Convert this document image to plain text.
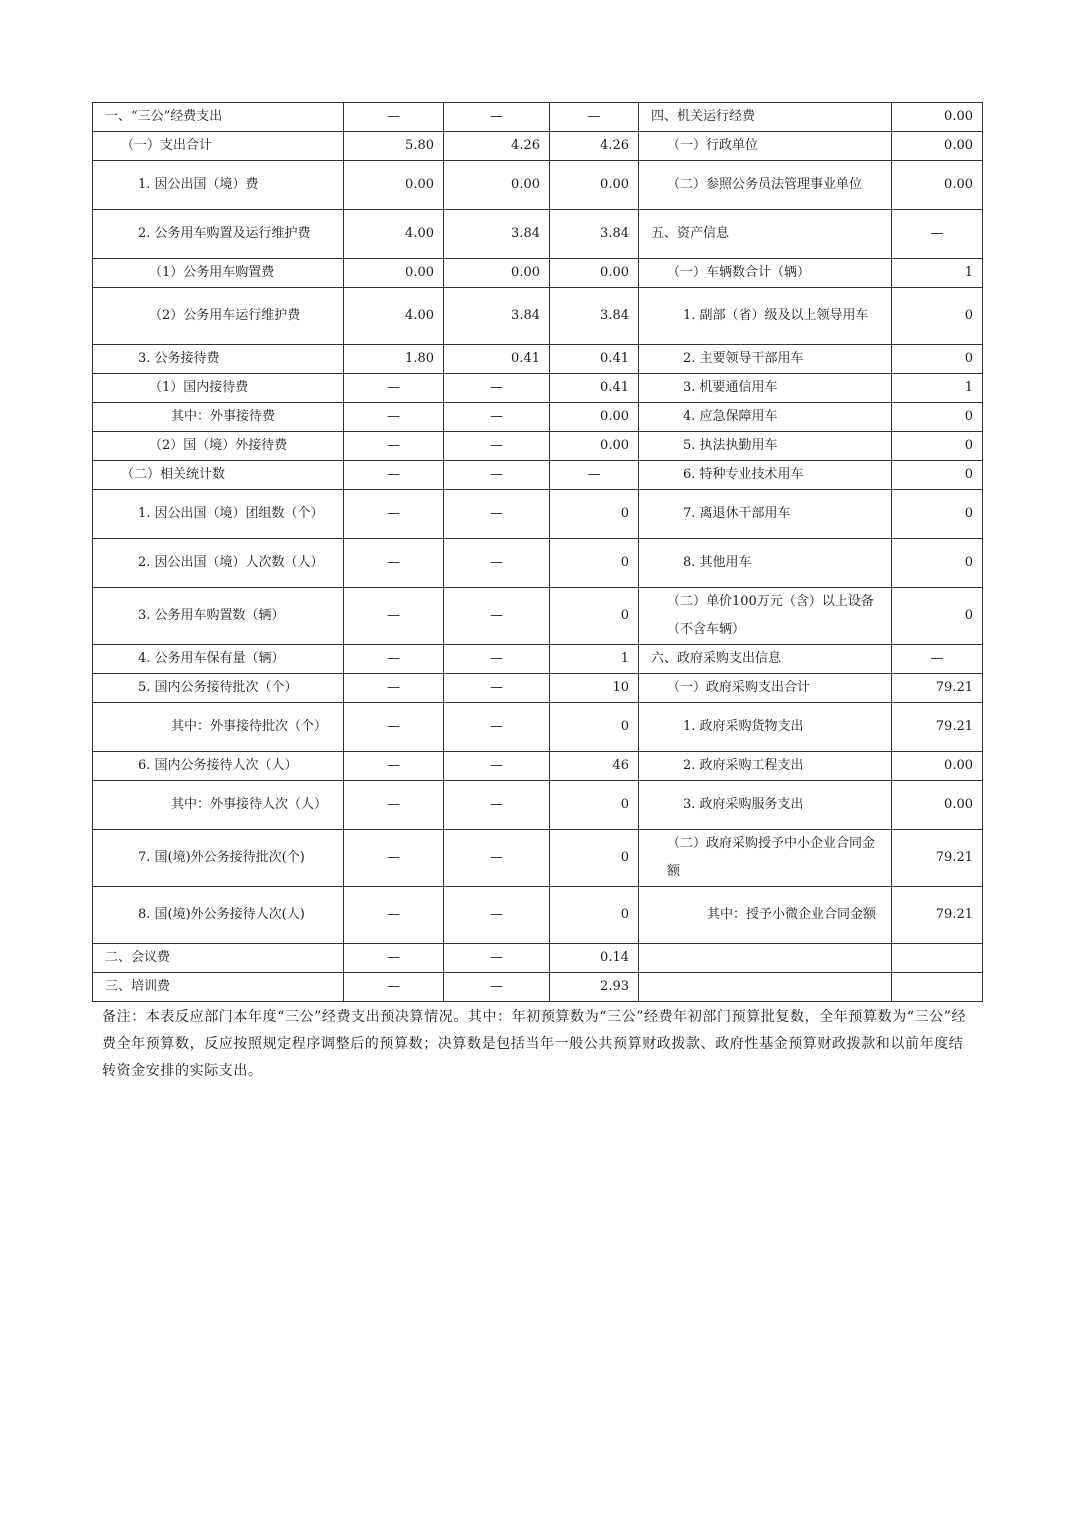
一、“三公”经费支出	—	—	—	四、机关运行经费	0.00
（一）支出合计	5.80	4.26	4.26	（一）行政单位	0.00
1. 因公出国（境）费	0.00	0.00	0.00	（二）参照公务员法管理事业单位	0.00
2. 公务用车购置及运行维护费	4.00	3.84	3.84	五、资产信息	—
（1）公务用车购置费	0.00	0.00	0.00	（一）车辆数合计（辆）	1
（2）公务用车运行维护费	4.00	3.84	3.84	1. 副部（省）级及以上领导用车	0
3. 公务接待费	1.80	0.41	0.41	2. 主要领导干部用车	0
（1）国内接待费	—	—	0.41	3. 机要通信用车	1
其中：外事接待费	—	—	0.00	4. 应急保障用车	0
（2）国（境）外接待费	—	—	0.00	5. 执法执勤用车	0
（二）相关统计数	—	—	—	6. 特种专业技术用车	0
1. 因公出国（境）团组数（个）	—	—	0	7. 离退休干部用车	0
2. 因公出国（境）人次数（人）	—	—	0	8. 其他用车	0
3. 公务用车购置数（辆）	—	—	0	（二）单价100万元（含）以上设备（不含车辆）	0
4. 公务用车保有量（辆）	—	—	1	六、政府采购支出信息	—
5. 国内公务接待批次（个）	—	—	10	（一）政府采购支出合计	79.21
其中：外事接待批次（个）	—	—	0	1. 政府采购货物支出	79.21
6. 国内公务接待人次（人）	—	—	46	2. 政府采购工程支出	0.00
其中：外事接待人次（人）	—	—	0	3. 政府采购服务支出	0.00
7. 国(境)外公务接待批次(个)	—	—	0	（二）政府采购授予中小企业合同金额	79.21
8. 国(境)外公务接待人次(人)	—	—	0	其中：授予小微企业合同金额	79.21
二、会议费	—	—	0.14		
三、培训费	—	—	2.93		
备注：本表反应部门本年度“三公”经费支出预决算情况。其中：年初预算数为“三公”经费年初部门预算批复数，全年预算数为“三公”经费全年预算数，反应按照规定程序调整后的预算数；决算数是包括当年一般公共预算财政拨款、政府性基金预算财政拨款和以前年度结转资金安排的实际支出。
